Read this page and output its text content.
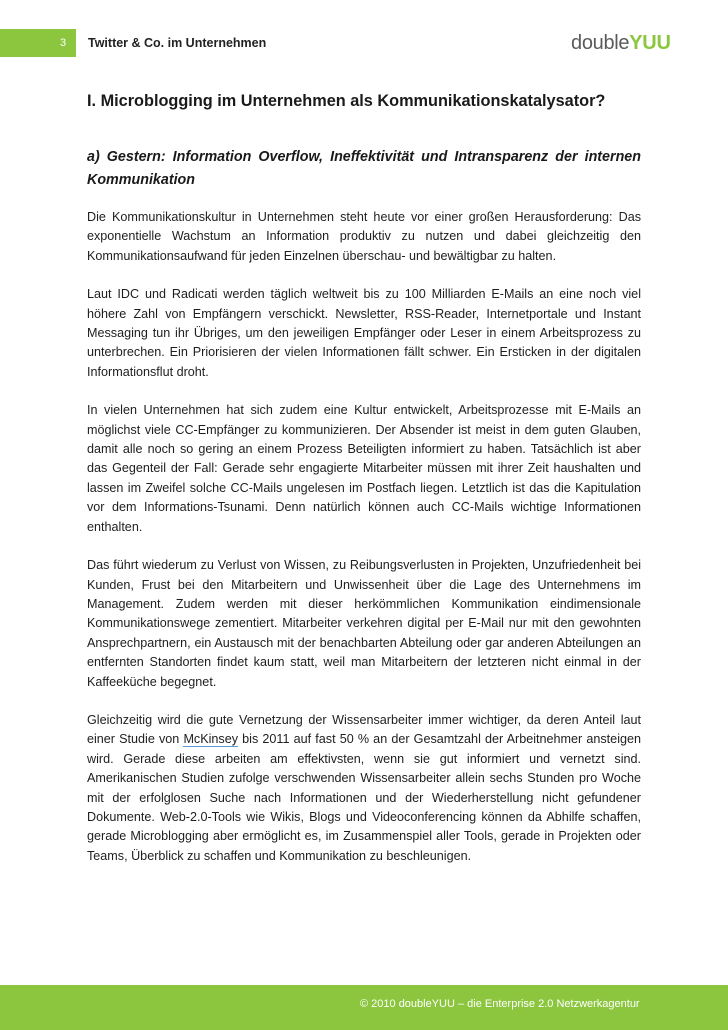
3	Twitter & Co. im Unternehmen	doubleYUU
I. Microblogging im Unternehmen als Kommunikationskatalysator?
a) Gestern: Information Overflow, Ineffektivität und Intransparenz der internen Kommunikation

Die Kommunikationskultur in Unternehmen steht heute vor einer großen Herausforderung: Das exponentielle Wachstum an Information produktiv zu nutzen und dabei gleichzeitig den Kommunikationsaufwand für jeden Einzelnen überschau- und bewältigbar zu halten.

Laut IDC und Radicati werden täglich weltweit bis zu 100 Milliarden E-Mails an eine noch viel höhere Zahl von Empfängern verschickt. Newsletter, RSS-Reader, Internetportale und Instant Messaging tun ihr Übriges, um den jeweiligen Empfänger oder Leser in einem Arbeitsprozess zu unterbrechen. Ein Priorisieren der vielen Informationen fällt schwer. Ein Ersticken in der digitalen Informationsflut droht.

In vielen Unternehmen hat sich zudem eine Kultur entwickelt, Arbeitsprozesse mit E-Mails an möglichst viele CC-Empfänger zu kommunizieren. Der Absender ist meist in dem guten Glauben, damit alle noch so gering an einem Prozess Beteiligten informiert zu haben. Tatsächlich ist aber das Gegenteil der Fall: Gerade sehr engagierte Mitarbeiter müssen mit ihrer Zeit haushalten und lassen im Zweifel solche CC-Mails ungelesen im Postfach liegen. Letztlich ist das die Kapitulation vor dem Informations-Tsunami. Denn natürlich können auch CC-Mails wichtige Informationen enthalten.

Das führt wiederum zu Verlust von Wissen, zu Reibungsverlusten in Projekten, Unzufriedenheit bei Kunden, Frust bei den Mitarbeitern und Unwissenheit über die Lage des Unternehmens im Management. Zudem werden mit dieser herkömmlichen Kommunikation eindimensionale Kommunikationswege zementiert. Mitarbeiter verkehren digital per E-Mail nur mit den gewohnten Ansprechpartnern, ein Austausch mit der benachbarten Abteilung oder gar anderen Abteilungen an entfernten Standorten findet kaum statt, weil man Mitarbeitern der letzteren nicht einmal in der Kaffeeküche begegnet.

Gleichzeitig wird die gute Vernetzung der Wissensarbeiter immer wichtiger, da deren Anteil laut einer Studie von McKinsey bis 2011 auf fast 50 % an der Gesamtzahl der Arbeitnehmer ansteigen wird. Gerade diese arbeiten am effektivsten, wenn sie gut informiert und vernetzt sind. Amerikanischen Studien zufolge verschwenden Wissensarbeiter allein sechs Stunden pro Woche mit der erfolglosen Suche nach Informationen und der Wiederherstellung nicht gefundener Dokumente. Web-2.0-Tools wie Wikis, Blogs und Videoconferencing können da Abhilfe schaffen, gerade Microblogging aber ermöglicht es, im Zusammenspiel aller Tools, gerade in Projekten oder Teams, Überblick zu schaffen und Kommunikation zu beschleunigen.

© 2010 doubleYUU – die Enterprise 2.0 Netzwerkagentur
